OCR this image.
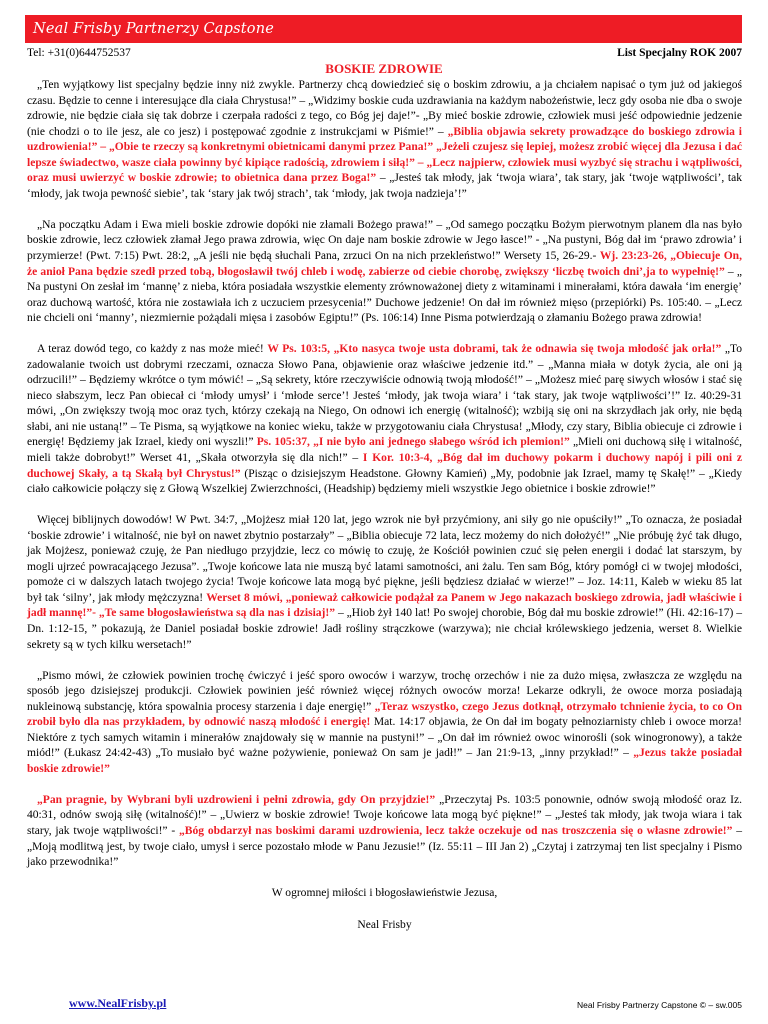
Neal Frisby Partnerzy Capstone
Tel: +31(0)644752537	List Specjalny ROK 2007
BOSKIE ZDROWIE

„Ten wyjątkowy list specjalny będzie inny niż zwykle. Partnerzy chcą dowiedzieć się o boskim zdrowiu, a ja chciałem napisać o tym już od jakiegoś czasu. Będzie to cenne i interesujące dla ciała Chrystusa!” – „Widzimy boskie cuda uzdrawiania na każdym nabożeństwie, lecz gdy osoba nie dba o swoje zdrowie, nie będzie ciała się tak dobrze i czerpała radości z tego, co Bóg jej daje!”- „By mieć boskie zdrowie, człowiek musi jeść odpowiednie jedzenie (nie chodzi o to ile jesz, ale co jesz) i postępować zgodnie z instrukcjami w Piśmie!” – „Biblia objawia sekrety prowadzące do boskiego zdrowia i uzdrowienia!” – „Obie te rzeczy są konkretnymi obietnicami danymi przez Pana!” „Jeżeli czujesz się lepiej, możesz zrobić więcej dla Jezusa i dać lepsze świadectwo, wasze ciała powinny być kipiące radością, zdrowiem i siłą!” – „Lecz najpierw, człowiek musi wyzbyć się strachu i wątpliwości, oraz musi uwierzyć w boskie zdrowie; to obietnica dana przez Boga!” – „Jesteś tak młody, jak ‘twoja wiara’, tak stary, jak ‘twoje wątpliwości’, tak ‘młody, jak twoja pewność siebie’, tak ‘stary jak twój strach’, tak ‘młody, jak twoja nadzieja’!”

„Na początku Adam i Ewa mieli boskie zdrowie dopóki nie złamali Bożego prawa!” – „Od samego początku Bożym pierwotnym planem dla nas było boskie zdrowie, lecz człowiek złamał Jego prawa zdrowia, więc On daje nam boskie zdrowie w Jego łasce!” - „Na pustyni, Bóg dał im ‘prawo zdrowia’ i przymierze! (Pwt. 7:15) Pwt. 28:2, „A jeśli nie będą słuchali Pana, zrzuci On na nich przekleństwo!” Wersety 15, 26-29.- Wj. 23:23-26, „Obiecuje On, że anioł Pana będzie szedł przed tobą, błogosławił twój chleb i wodę, zabierze od ciebie chorobę, zwiększy ‘liczbę twoich dni’,ja to wypełnię!” – „ Na pustyni On zesłał im ‘mannę’ z nieba, która posiadała wszystkie elementy zrównoważonej diety z witaminami i minerałami, która dawała ‘im energię’ oraz duchową wartość, która nie zostawiała ich z uczuciem przesycenia!” Duchowe jedzenie! On dał im również mięso (przepiórki) Ps. 105:40. – „Lecz nie chcieli oni ‘manny’, niezmiernie pożądali mięsa i zasobów Egiptu!” (Ps. 106:14) Inne Pisma potwierdzają o złamaniu Bożego prawa zdrowia!

A teraz dowód tego, co każdy z nas może mieć! W Ps. 103:5, „Kto nasyca twoje usta dobrami, tak że odnawia się twoja młodość jak orła!” „To zadowalanie twoich ust dobrymi rzeczami, oznacza Słowo Pana, objawienie oraz właściwe jedzenie itd.” – „Manna miała w dotyk życia, ale oni ją odrzucili!” – Będziemy wkrótce o tym mówić! – „Są sekrety, które rzeczywiście odnowią twoją młodość!” – „Możesz mieć parę siwych włosów i stać się nieco słabszym, lecz Pan obiecał ci ‘młody umysł’ i ‘młode serce’! Jesteś ‘młody, jak twoja wiara’ i ‘tak stary, jak twoje wątpliwości’!” Iz. 40:29-31 mówi, „On zwiększy twoją moc oraz tych, którzy czekają na Niego, On odnowi ich energię (witalność); wzbiją się oni na skrzydłach jak orły, nie będą słabi, ani nie ustaną!” – Te Pisma, są wyjątkowe na koniec wieku, także w przygotowaniu ciała Chrystusa! „Młody, czy stary, Biblia obiecuje ci zdrowie i energię! Będziemy jak Izrael, kiedy oni wyszli!” Ps. 105:37, „I nie było ani jednego słabego wśród ich plemion!” „Mieli oni duchową siłę i witalność, mieli także dobrobyt!” Werset 41, „Skała otworzyła się dla nich!” – I Kor. 10:3-4, „Bóg dał im duchowy pokarm i duchowy napój i pili oni z duchowej Skały, a tą Skałą był Chrystus!” (Pisząc o dzisiejszym Headstone. Głowny Kamień) „My, podobnie jak Izrael, mamy tę Skałę!” – „Kiedy ciało całkowicie połączy się z Głową Wszelkiej Zwierzchności, (Headship) będziemy mieli wszystkie Jego obietnice i boskie zdrowie!”

Więcej biblijnych dowodów! W Pwt. 34:7, „Mojżesz miał 120 lat, jego wzrok nie był przyćmiony, ani siły go nie opuściły!” „To oznacza, że posiadał ‘boskie zdrowie’ i witalność, nie był on nawet zbytnio postarzały” – „Biblia obiecuje 72 lata, lecz możemy do nich dołożyć!” „Nie próbuję żyć tak długo, jak Mojżesz, ponieważ czuję, że Pan niedługo przyjdzie, lecz co mówię to czuję, że Kościół powinien czuć się pełen energii i dodać lat starszym, by mogli ujrzeć powracającego Jezusa”. „Twoje końcowe lata nie muszą być latami samotności, ani żalu. Ten sam Bóg, który pomógł ci w twojej młodości, pomoże ci w dalszych latach twojego życia! Twoje końcowe lata mogą być piękne, jeśli będziesz działać w wierze!” – Joz. 14:11, Kaleb w wieku 85 lat był tak ‘silny’, jak młody mężczyzna! Werset 8 mówi, „ponieważ całkowicie podążał za Panem w Jego nakazach boskiego zdrowia, jadł właściwie i jadł mannę!”- „Te same błogosławieństwa są dla nas i dzisiaj!” – „Hiob żył 140 lat! Po swojej chorobie, Bóg dał mu boskie zdrowie!” (Hi. 42:16-17) – Dn. 1:12-15, ” pokazują, że Daniel posiadał boskie zdrowie! Jadł rośliny strączkowe (warzywa); nie chciał królewskiego jedzenia, werset 8. Wielkie sekrety są w tych kilku wersetach!”

„Pismo mówi, że człowiek powinien trochę ćwiczyć i jeść sporo owoców i warzyw, trochę orzechów i nie za dużo mięsa, zwłaszcza ze względu na sposób jego dzisiejszej produkcji. Człowiek powinien jeść również więcej różnych owoców morza! Lekarze odkryli, że owoce morza posiadają nukleinową substancję, która spowalnia procesy starzenia i daje energię!” „Teraz wszystko, czego Jezus dotknął, otrzymało tchnienie życia, to co On zrobił było dla nas przykładem, by odnowić naszą młodość i energię! Mat. 14:17 objawia, że On dał im bogaty pełnoziarnisty chleb i owoce morza! Niektóre z tych samych witamin i minerałów znajdowały się w mannie na pustyni!” – „On dał im również owoc winorośli (sok winogronowy), a także miód!” (Łukasz 24:42-43) „To musiało być ważne pożywienie, ponieważ On sam je jadł!” – Jan 21:9-13, „inny przykład!” – „Jezus także posiadał boskie zdrowie!”

„Pan pragnie, by Wybrani byli uzdrowieni i pełni zdrowia, gdy On przyjdzie!” „Przeczytaj Ps. 103:5 ponownie, odnów swoją młodość oraz Iz. 40:31, odnów swoją siłę (witalność)!” – „Uwierz w boskie zdrowie! Twoje końcowe lata mogą być piękne!” – „Jesteś tak młody, jak twoja wiara i tak stary, jak twoje wątpliwości!” - „Bóg obdarzył nas boskimi darami uzdrowienia, lecz także oczekuje od nas troszczenia się o własne zdrowie!” – „Moją modlitwą jest, by twoje ciało, umysł i serce pozostało młode w Panu Jezusie!” (Iz. 55:11 – III Jan 2) „Czytaj i zatrzymaj ten list specjalny i Pismo jako przewodnika!”

W ogromnej miłości i błogosławieństwie Jezusa,

Neal Frisby

www.NealFrisby.pl	Neal Frisby Partnerzy Capstone © – sw.005
